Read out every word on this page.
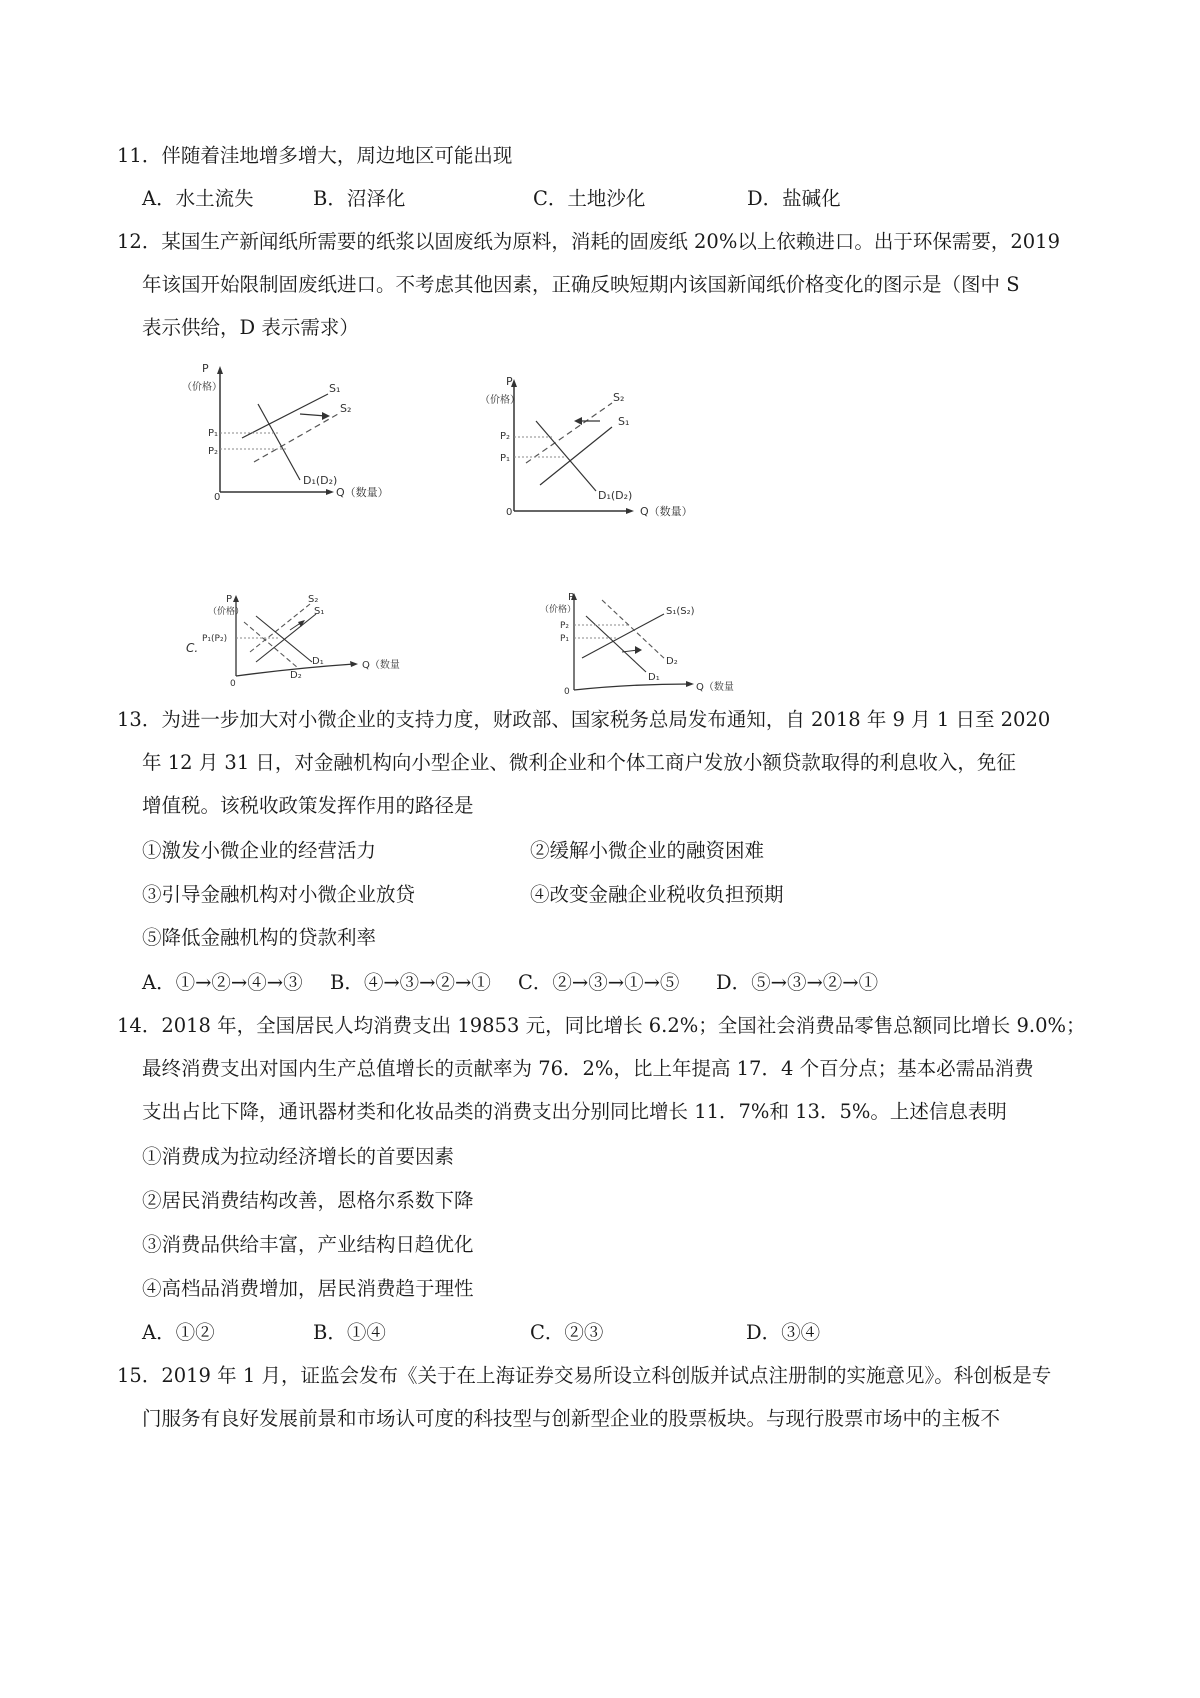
11．伴随着洼地增多增大，周边地区可能出现
A．水土流失	B．沼泽化	C．土地沙化	D．盐碱化
12．某国生产新闻纸所需要的纸浆以固废纸为原料，消耗的固废纸 20%以上依赖进口。出于环保需要，2019
年该国开始限制固废纸进口。不考虑其他因素，正确反映短期内该国新闻纸价格变化的图示是（图中 S
表示供给，D 表示需求）
P
（价格）
0	Q（数量）
S₁
S₂
D₁(D₂)
P₁
P₂
P
（价格）
0	Q（数量）
S₂
S₁
D₁(D₂)
P₂
P₁
C.
P
（价格）
0
Q（数量
S₂
S₁
D₁
D₂
P₁(P₂)
P
（价格）
0	Q（数量
S₁(S₂)
D₂
D₁
P₂
P₁
13．为进一步加大对小微企业的支持力度，财政部、国家税务总局发布通知，自 2018 年 9 月 1 日至 2020
年 12 月 31 日，对金融机构向小型企业、微利企业和个体工商户发放小额贷款取得的利息收入，免征
增值税。该税收政策发挥作用的路径是
①激发小微企业的经营活力	②缓解小微企业的融资困难
③引导金融机构对小微企业放贷	④改变金融企业税收负担预期
⑤降低金融机构的贷款利率
A．①→②→④→③ B．④→③→②→① C．②→③→①→⑤ D．⑤→③→②→①
14．2018 年，全国居民人均消费支出 19853 元，同比增长 6.2%；全国社会消费品零售总额同比增长 9.0%；
最终消费支出对国内生产总值增长的贡献率为 76．2%，比上年提高 17．4 个百分点；基本必需品消费
支出占比下降，通讯器材类和化妆品类的消费支出分别同比增长 11．7%和 13．5%。上述信息表明
①消费成为拉动经济增长的首要因素
②居民消费结构改善，恩格尔系数下降
③消费品供给丰富，产业结构日趋优化
④高档品消费增加，居民消费趋于理性
A．①②	B．①④	C．②③	D．③④
15．2019 年 1 月，证监会发布《关于在上海证券交易所设立科创版并试点注册制的实施意见》。科创板是专
门服务有良好发展前景和市场认可度的科技型与创新型企业的股票板块。与现行股票市场中的主板不
